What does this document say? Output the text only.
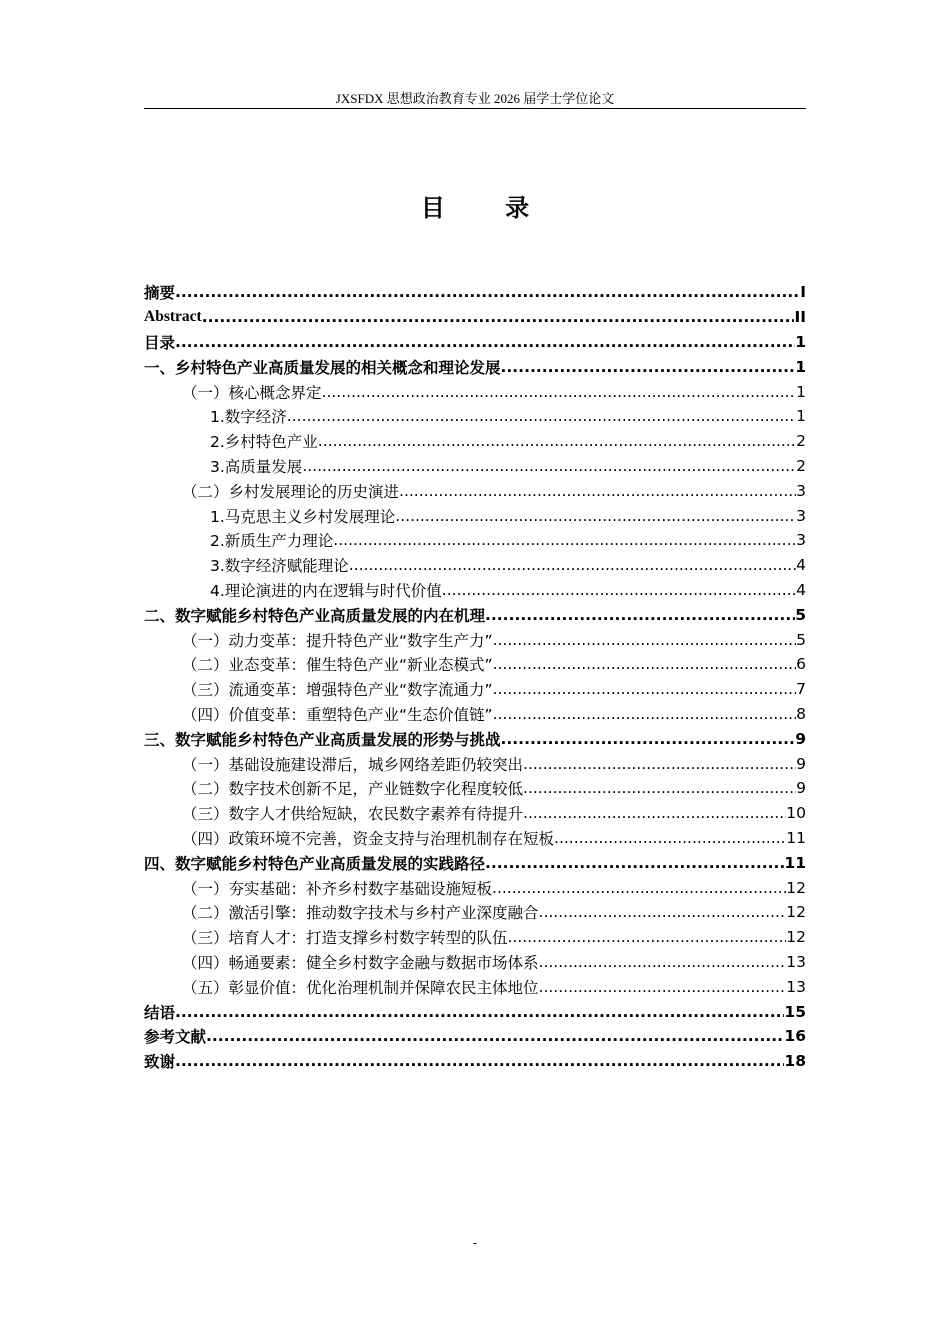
JXSFDX 思想政治教育专业 2026 届学士学位论文
目 录
摘要 .....	I
Abstract .....	II
目录 .....	1
一、乡村特色产业高质量发展的相关概念和理论发展 .....	1
（一）核心概念界定 .....	1
1.数字经济 .....	1
2.乡村特色产业 .....	2
3.高质量发展 .....	2
（二）乡村发展理论的历史演进 .....	3
1.马克思主义乡村发展理论 .....	3
2.新质生产力理论 .....	3
3.数字经济赋能理论 .....	4
4.理论演进的内在逻辑与时代价值 .....	4
二、数字赋能乡村特色产业高质量发展的内在机理 .....	5
（一）动力变革：提升特色产业“数字生产力” .....	5
（二）业态变革：催生特色产业“新业态模式” .....	6
（三）流通变革：增强特色产业“数字流通力” .....	7
（四）价值变革：重塑特色产业“生态价值链” .....	8
三、数字赋能乡村特色产业高质量发展的形势与挑战 .....	9
（一）基础设施建设滞后，城乡网络差距仍较突出 .....	9
（二）数字技术创新不足，产业链数字化程度较低 .....	9
（三）数字人才供给短缺，农民数字素养有待提升 .....	10
（四）政策环境不完善，资金支持与治理机制存在短板 .....	11
四、数字赋能乡村特色产业高质量发展的实践路径 .....	11
（一）夯实基础：补齐乡村数字基础设施短板 .....	12
（二）激活引擎：推动数字技术与乡村产业深度融合 .....	12
（三）培育人才：打造支撑乡村数字转型的队伍 .....	12
（四）畅通要素：健全乡村数字金融与数据市场体系 .....	13
（五）彰显价值：优化治理机制并保障农民主体地位 .....	13
结语 .....	15
参考文献 .....	16
致谢 .....	18
-
